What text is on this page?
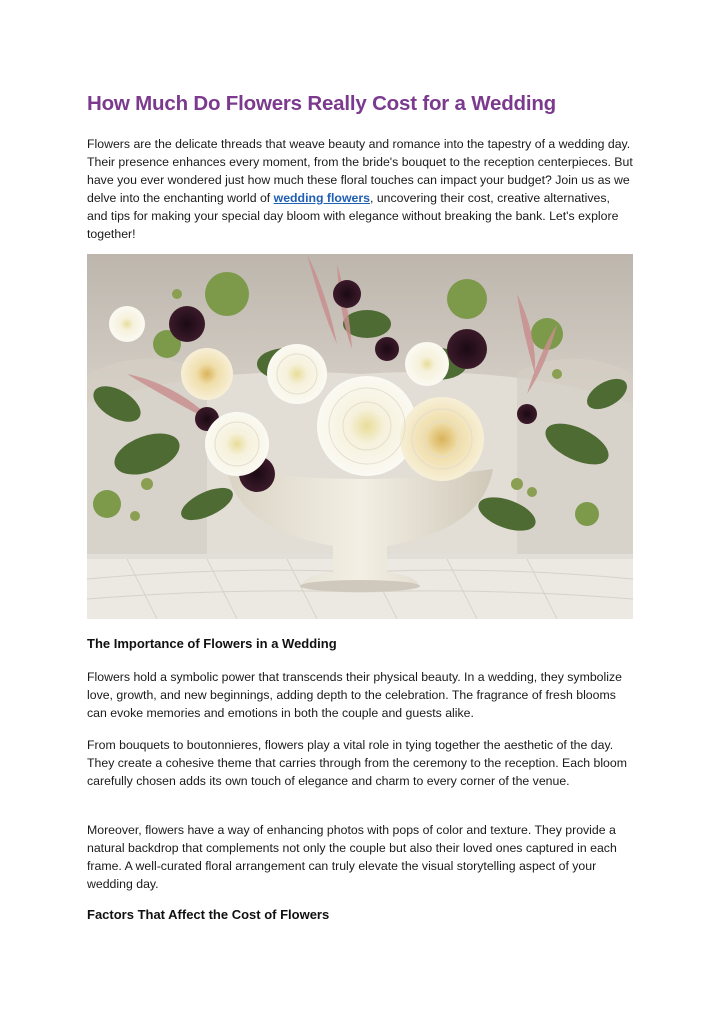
How Much Do Flowers Really Cost for a Wedding

Flowers are the delicate threads that weave beauty and romance into the tapestry of a wedding day. Their presence enhances every moment, from the bride's bouquet to the reception centerpieces. But have you ever wondered just how much these floral touches can impact your budget? Join us as we delve into the enchanting world of wedding flowers, uncovering their cost, creative alternatives, and tips for making your special day bloom with elegance without breaking the bank. Let's explore together!

The Importance of Flowers in a Wedding

Flowers hold a symbolic power that transcends their physical beauty. In a wedding, they symbolize love, growth, and new beginnings, adding depth to the celebration. The fragrance of fresh blooms can evoke memories and emotions in both the couple and guests alike.

From bouquets to boutonnieres, flowers play a vital role in tying together the aesthetic of the day. They create a cohesive theme that carries through from the ceremony to the reception. Each bloom carefully chosen adds its own touch of elegance and charm to every corner of the venue.

Moreover, flowers have a way of enhancing photos with pops of color and texture. They provide a natural backdrop that complements not only the couple but also their loved ones captured in each frame. A well-curated floral arrangement can truly elevate the visual storytelling aspect of your wedding day.

Factors That Affect the Cost of Flowers
